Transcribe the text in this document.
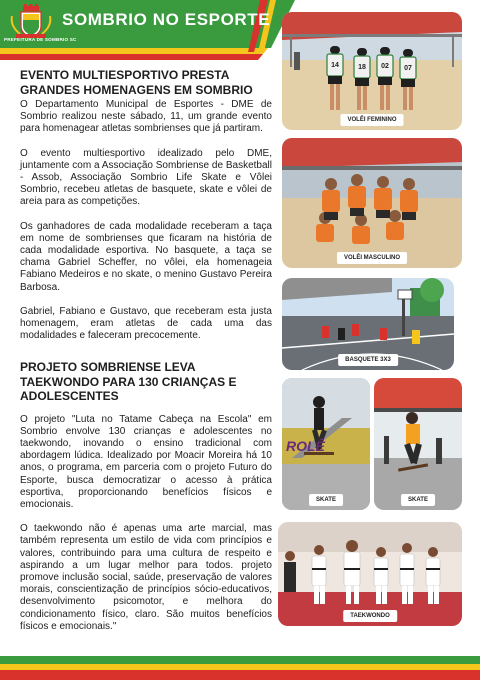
PREFEITURA DE SOMBRIO SC
SOMBRIO NO ESPORTE
EVENTO MULTIESPORTIVO PRESTA GRANDES HOMENAGENS EM SOMBRIO

O Departamento Municipal de Esportes - DME de Sombrio realizou neste sábado, 11, um grande evento para homenagear atletas sombrienses que já partiram.

O evento multiesportivo idealizado pelo DME, juntamente com a Associação Sombriense de Basketball - Assob, Associação Sombrio Life Skate e Vôlei Sombrio, recebeu atletas de basquete, skate e vôlei de areia para as competições.

Os ganhadores de cada modalidade receberam a taça em nome de sombrienses que ficaram na história de cada modalidade esportiva. No basquete, a taça se chama Gabriel Scheffer, no vôlei, ela homenageia Fabiano Medeiros e no skate, o menino Gustavo Pereira Barbosa.

Gabriel, Fabiano e Gustavo, que receberam esta justa homenagem, eram atletas de cada uma das modalidades e faleceram precocemente.

PROJETO SOMBRIENSE LEVA TAEKWONDO PARA 130 CRIANÇAS E ADOLESCENTES

O projeto "Luta no Tatame Cabeça na Escola" em Sombrio envolve 130 crianças e adolescentes no taekwondo, inovando o ensino tradicional com abordagem lúdica. Idealizado por Moacir Moreira há 10 anos, o programa, em parceria com o projeto Futuro do Esporte, busca democratizar o acesso à prática esportiva, proporcionando benefícios físicos e emocionais.

O taekwondo não é apenas uma arte marcial, mas também representa um estilo de vida com princípios e valores, contribuindo para uma cultura de respeito e aspirando a um lugar melhor para todos. projeto promove inclusão social, saúde, preservação de valores morais, conscientização de princípios sócio-educativos, desenvolvimento psicomotor, e melhora do condicionamento físico, claro. São muitos benefícios físicos e emocionais."

14	18	02	07
VOLÊI FEMININO
VOLÊI MASCULINO
BASQUETE 3X3
ROLÊ
SKATE	SKATE
TAEKWONDO
